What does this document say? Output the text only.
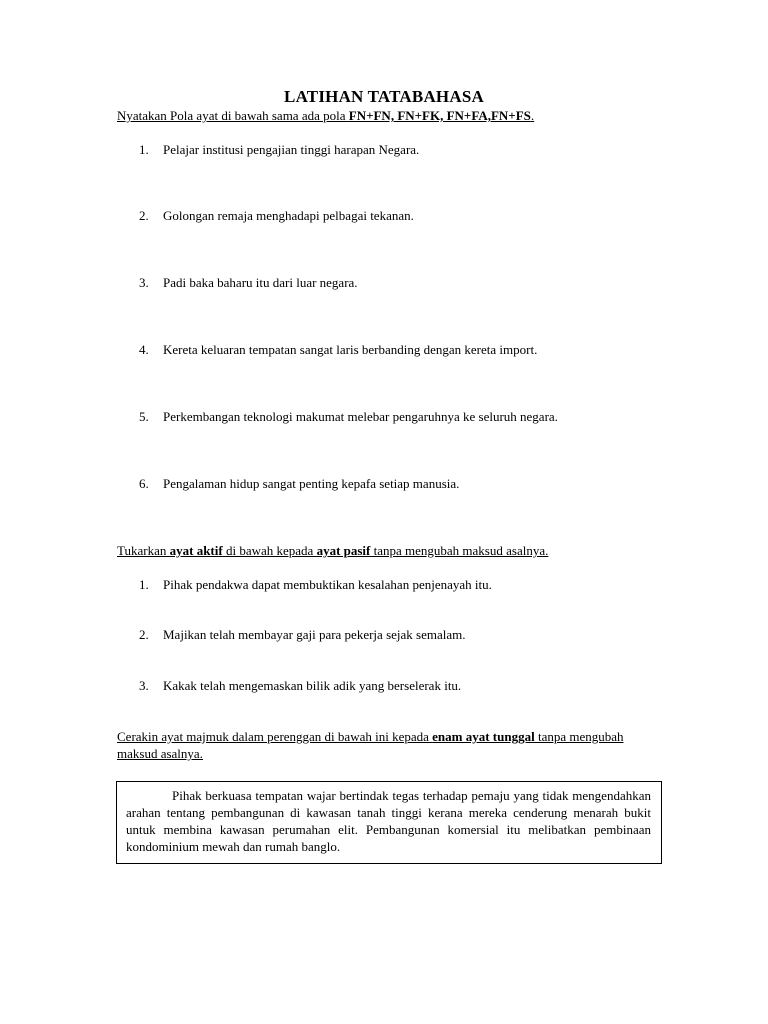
LATIHAN TATABAHASA
Nyatakan Pola ayat di bawah sama ada pola FN+FN, FN+FK, FN+FA,FN+FS.
1. Pelajar institusi pengajian tinggi harapan Negara.
2. Golongan remaja menghadapi pelbagai tekanan.
3. Padi baka baharu itu dari luar negara.
4. Kereta keluaran tempatan sangat laris berbanding dengan kereta import.
5. Perkembangan teknologi makumat melebar pengaruhnya ke seluruh negara.
6. Pengalaman hidup sangat penting kepafa setiap manusia.
Tukarkan ayat aktif di bawah kepada ayat pasif tanpa mengubah maksud asalnya.
1. Pihak pendakwa dapat membuktikan kesalahan penjenayah itu.
2. Majikan telah membayar gaji para pekerja sejak semalam.
3. Kakak telah mengemaskan bilik adik yang berselerak itu.
Cerakin ayat majmuk dalam perenggan di bawah ini kepada enam ayat tunggal tanpa mengubah maksud asalnya.

Pihak berkuasa tempatan wajar bertindak tegas terhadap pemaju yang tidak mengendahkan arahan tentang pembangunan di kawasan tanah tinggi kerana mereka cenderung menarah bukit untuk membina kawasan perumahan elit. Pembangunan komersial itu melibatkan pembinaan kondominium mewah dan rumah banglo.
